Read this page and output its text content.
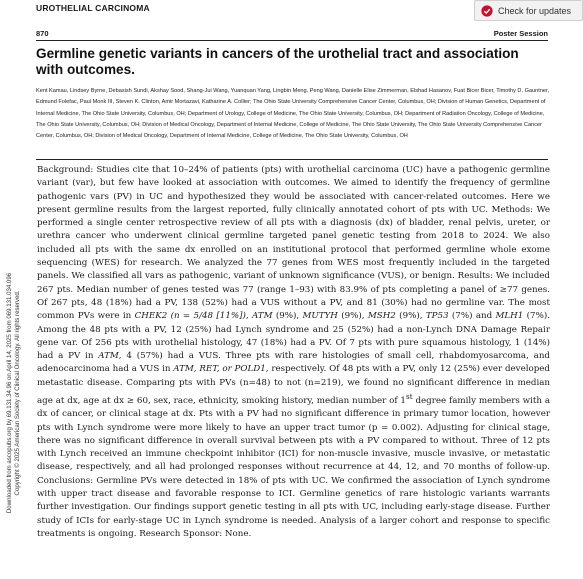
UROTHELIAL CARCINOMA	Check for updates
870	Poster Session
Germline genetic variants in cancers of the urothelial tract and association with outcomes.

Kent Kamau, Lindsey Byrne, Debasish Sundi, Akshay Sood, Shang-Jui Wang, Yuanquan Yang, Lingbin Meng, Peng Wang, Danielle Elise Zimmerman, Elshad Hasanov, Fuat Bicer Bicer, Timothy D. Gauntner, Edmund Folefac, Paul Monk III, Steven K. Clinton, Amir Mortazavi, Katharine A. Collier; The Ohio State University Comprehensive Cancer Center, Columbus, OH; Division of Human Genetics, Department of Internal Medicine, The Ohio State University, Columbus, OH; Department of Urology, College of Medicine, The Ohio State University, Columbus, OH; Department of Radiation Oncology, College of Medicine, The Ohio State University, Columbus, OH; Division of Medical Oncology, Department of Internal Medicine, College of Medicine, The Ohio State University, The Ohio State University Comprehensive Cancer Center, Columbus, OH; Division of Medical Oncology, Department of Internal Medicine, College of Medicine, The Ohio State University, Columbus, OH

Downloaded from ascopubs.org by 69.131.34.96 on April 14, 2025 from 069.131.034.096
Copyright © 2025 American Society of Clinical Oncology. All rights reserved.

Background: Studies cite that 10–24% of patients (pts) with urothelial carcinoma (UC) have a pathogenic germline variant (var), but few have looked at association with outcomes. We aimed to identify the frequency of germline pathogenic vars (PV) in UC and hypothesized they would be associated with cancer-related outcomes. Here we present germline results from the largest reported, fully clinically annotated cohort of pts with UC. Methods: We performed a single center retrospective review of all pts with a diagnosis (dx) of bladder, renal pelvis, ureter, or urethra cancer who underwent clinical germline targeted panel genetic testing from 2018 to 2024. We also included all pts with the same dx enrolled on an institutional protocol that performed germline whole exome sequencing (WES) for research. We analyzed the 77 genes from WES most frequently included in the targeted panels. We classified all vars as pathogenic, variant of unknown significance (VUS), or benign. Results: We included 267 pts. Median number of genes tested was 77 (range 1–93) with 83.9% of pts completing a panel of ≥77 genes. Of 267 pts, 48 (18%) had a PV, 138 (52%) had a VUS without a PV, and 81 (30%) had no germline var. The most common PVs were in CHEK2 (n = 5/48 [11%]), ATM (9%), MUTYH (9%), MSH2 (9%), TP53 (7%) and MLH1 (7%). Among the 48 pts with a PV, 12 (25%) had Lynch syndrome and 25 (52%) had a non-Lynch DNA Damage Repair gene var. Of 256 pts with urothelial histology, 47 (18%) had a PV. Of 7 pts with pure squamous histology, 1 (14%) had a PV in ATM, 4 (57%) had a VUS. Three pts with rare histologies of small cell, rhabdomyosarcoma, and adenocarcinoma had a VUS in ATM, RET, or POLD1, respectively. Of 48 pts with a PV, only 12 (25%) ever developed metastatic disease. Comparing pts with PVs (n=48) to not (n=219), we found no significant difference in median age at dx, age at dx ≥ 60, sex, race, ethnicity, smoking history, median number of 1st degree family members with a dx of cancer, or clinical stage at dx. Pts with a PV had no significant difference in primary tumor location, however pts with Lynch syndrome were more likely to have an upper tract tumor (p = 0.002). Adjusting for clinical stage, there was no significant difference in overall survival between pts with a PV compared to without. Three of 12 pts with Lynch received an immune checkpoint inhibitor (ICI) for non-muscle invasive, muscle invasive, or metastatic disease, respectively, and all had prolonged responses without recurrence at 44, 12, and 70 months of follow-up. Conclusions: Germline PVs were detected in 18% of pts with UC. We confirmed the association of Lynch syndrome with upper tract disease and favorable response to ICI. Germline genetics of rare histologic variants warrants further investigation. Our findings support genetic testing in all pts with UC, including early-stage disease. Further study of ICIs for early-stage UC in Lynch syndrome is needed. Analysis of a larger cohort and response to specific treatments is ongoing. Research Sponsor: None.
